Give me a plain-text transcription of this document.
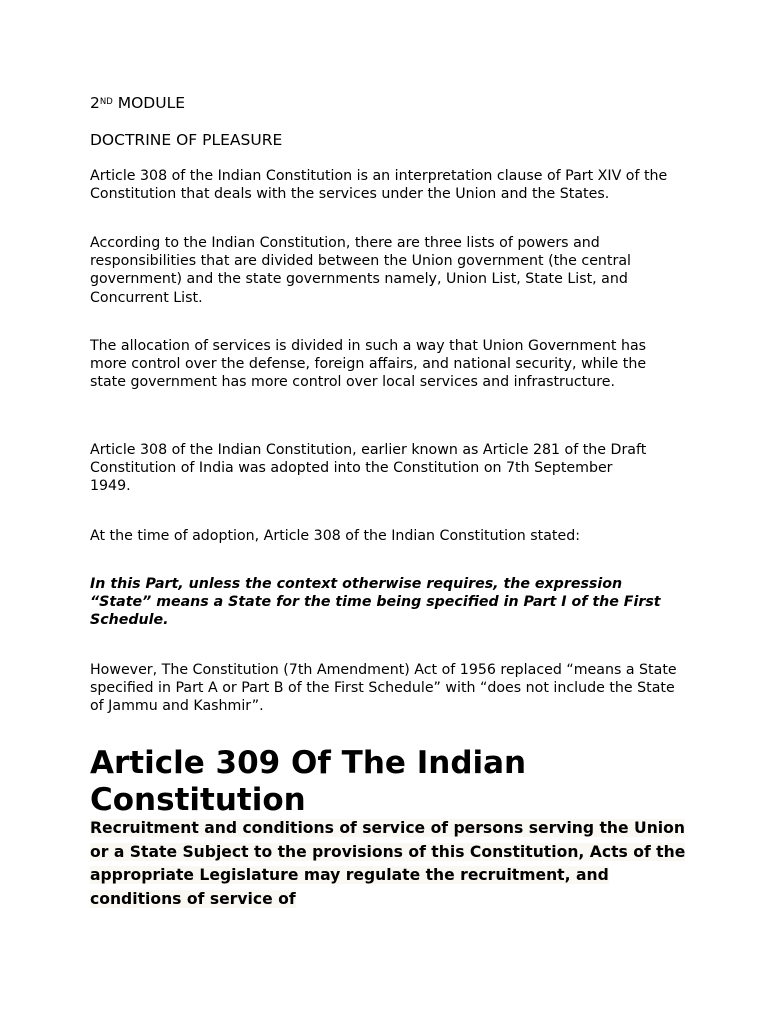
2ND MODULE
DOCTRINE OF PLEASURE

Article 308 of the Indian Constitution is an interpretation clause of Part XIV of the Constitution that deals with the services under the Union and the States.

According to the Indian Constitution, there are three lists of powers and responsibilities that are divided between the Union government (the central government) and the state governments namely, Union List, State List, and Concurrent List.

The allocation of services is divided in such a way that Union Government has more control over the defense, foreign affairs, and national security, while the state government has more control over local services and infrastructure.

Article 308 of the Indian Constitution, earlier known as Article 281 of the Draft Constitution of India was adopted into the Constitution on 7th September 1949.

At the time of adoption, Article 308 of the Indian Constitution stated:

In this Part, unless the context otherwise requires, the expression “State” means a State for the time being specified in Part I of the First Schedule.

However, The Constitution (7th Amendment) Act of 1956 replaced “means a State specified in Part A or Part B of the First Schedule” with “does not include the State of Jammu and Kashmir”.

Article 309 Of The Indian Constitution

Recruitment and conditions of service of persons serving the Union or a State Subject to the provisions of this Constitution, Acts of the appropriate Legislature may regulate the recruitment, and conditions of service of
